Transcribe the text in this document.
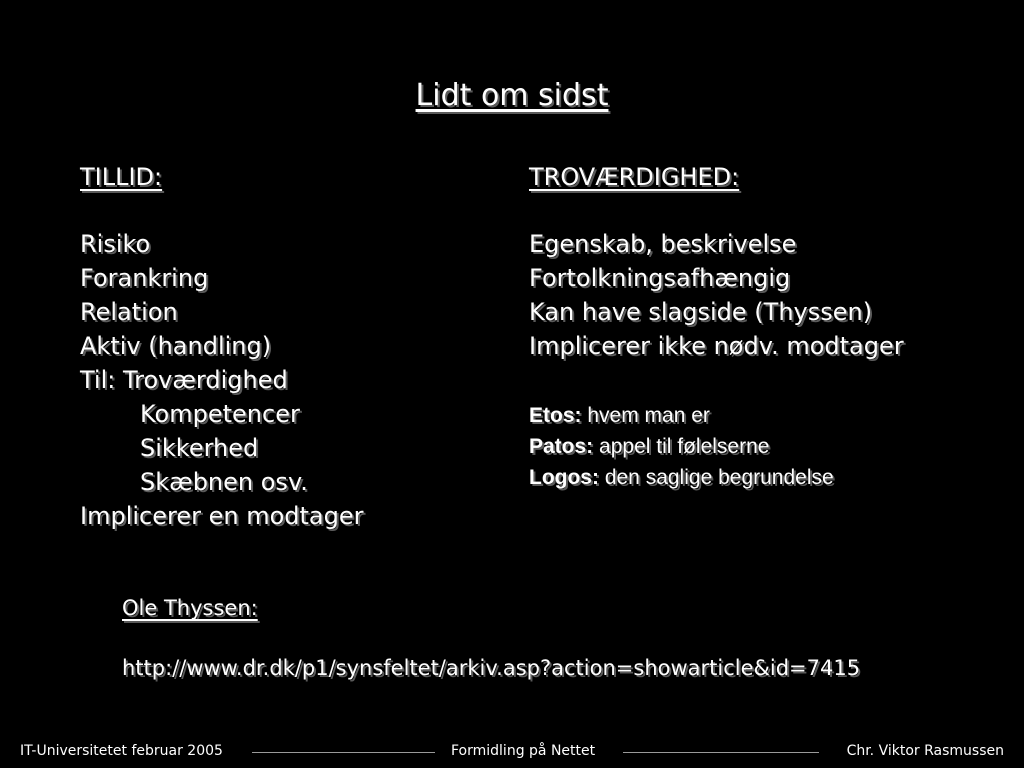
Lidt om sidst
TILLID:
Risiko
Forankring
Relation
Aktiv (handling)
Til: Troværdighed
Kompetencer
Sikkerhed
Skæbnen osv.
Implicerer en modtager
TROVÆRDIGHED:
Egenskab, beskrivelse
Fortolkningsafhængig
Kan have slagside (Thyssen)
Implicerer ikke nødv. modtager
Etos: hvem man er
Patos: appel til følelserne
Logos: den saglige begrundelse
Ole Thyssen:
http://www.dr.dk/p1/synsfeltet/arkiv.asp?action=showarticle&id=7415
IT-Universitetet februar 2005	Formidling på Nettet	Chr. Viktor Rasmussen
